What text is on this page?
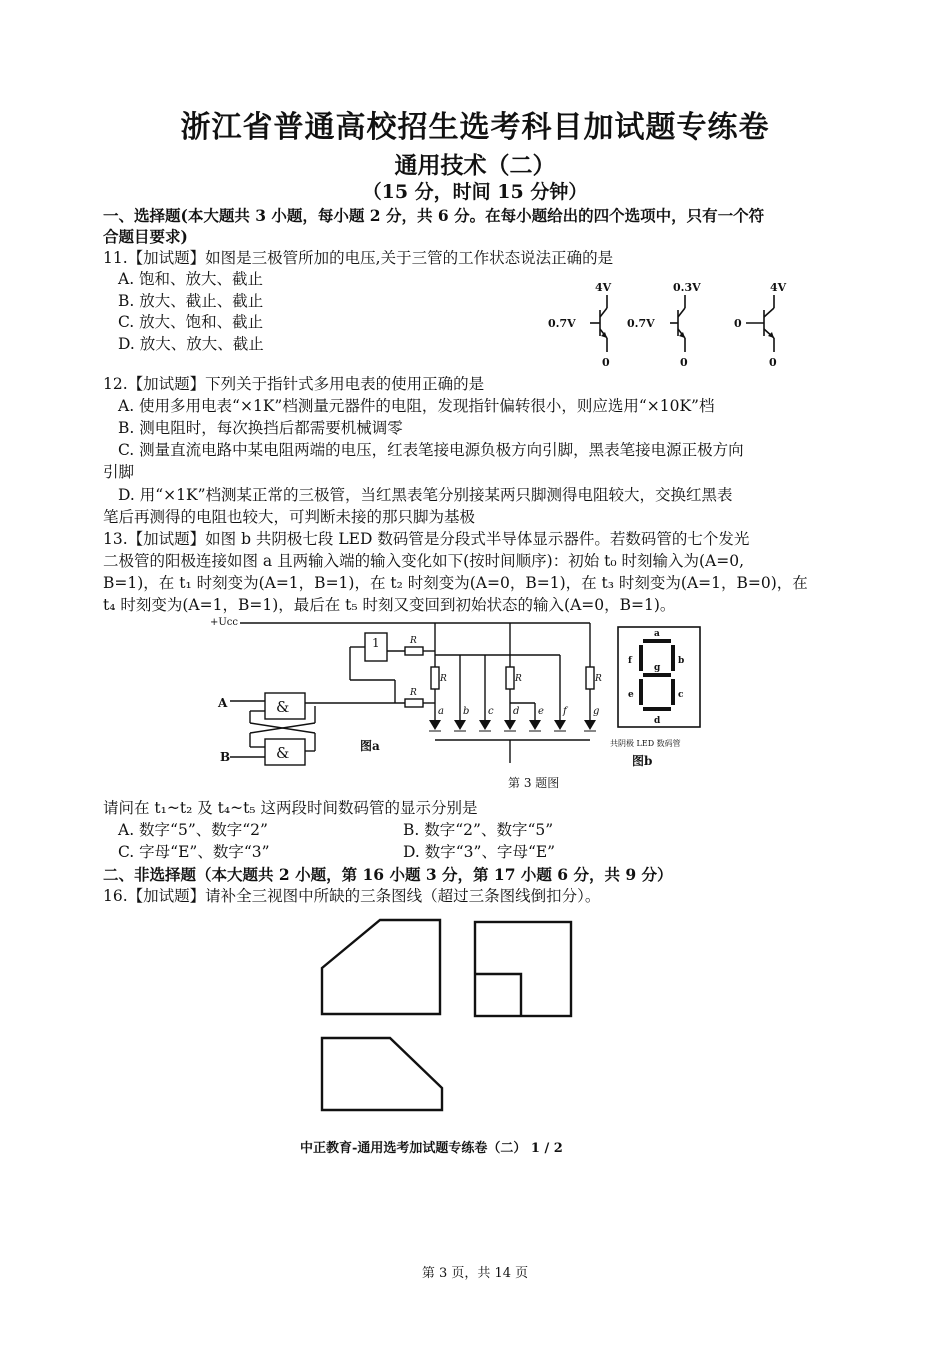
浙江省普通高校招生选考科目加试题专练卷
通用技术（二）
（15 分，时间 15 分钟）
一、选择题(本大题共 3 小题，每小题 2 分，共 6 分。在每小题给出的四个选项中，只有一个符
合题目要求)
11.【加试题】如图是三极管所加的电压,关于三管的工作状态说法正确的是
A. 饱和、放大、截止
B. 放大、截止、截止
C. 放大、饱和、截止
D. 放大、放大、截止
4V
0.7V
0
0.3V
0.7V
0
4V
0
0
12.【加试题】下列关于指针式多用电表的使用正确的是
A. 使用多用电表“×1K”档测量元器件的电阻，发现指针偏转很小，则应选用“×10K”档
B. 测电阻时，每次换挡后都需要机械调零
C. 测量直流电路中某电阻两端的电压，红表笔接电源负极方向引脚，黑表笔接电源正极方向
引脚
D. 用“×1K”档测某正常的三极管，当红黑表笔分别接某两只脚测得电阻较大，交换红黑表
笔后再测得的电阻也较大，可判断未接的那只脚为基极
13.【加试题】如图 b 共阴极七段 LED 数码管是分段式半导体显示器件。若数码管的七个发光
二极管的阳极连接如图 a 且两输入端的输入变化如下(按时间顺序)：初始 t₀ 时刻输入为(A=0,
B=1)，在 t₁ 时刻变为(A=1，B=1)，在 t₂ 时刻变为(A=0，B=1)，在 t₃ 时刻变为(A=1，B=0)，在
t₄ 时刻变为(A=1，B=1)，最后在 t₅ 时刻又变回到初始状态的输入(A=0，B=1)。
+Ucc
A
B
&
&
1	R
R
R	R	R
a b c d e f	g
图a
第 3 题图
a
b
c
d
e
f
g
共阴极 LED 数码管
图b
请问在 t₁~t₂ 及 t₄~t₅ 这两段时间数码管的显示分别是
A. 数字“5”、数字“2”	B. 数字“2”、数字“5”
C. 字母“E”、数字“3”	D. 数字“3”、字母“E”
二、非选择题（本大题共 2 小题，第 16 小题 3 分，第 17 小题 6 分，共 9 分）
16.【加试题】请补全三视图中所缺的三条图线（超过三条图线倒扣分）。
中正教育-通用选考加试题专练卷（二） 1 / 2
第 3 页，共 14 页
